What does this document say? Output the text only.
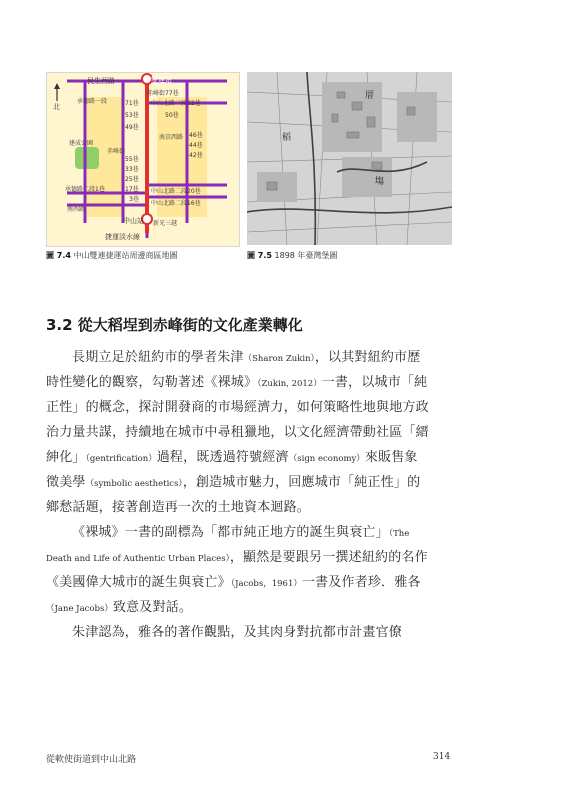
北
雙連站
民生西路
赤峰街77巷
中山北路二段62巷
71巷
53巷
49巷
50巷
46巷
44巷
42巷
55巷
33巷
25巷
17巷
3巷
建成公園
承德路二段1巷
南西路
中山北路二段20巷
中山北路二段16巷
中山站 新光三越
捷運淡水線
承德路一段
赤峰街
南京西路
厝
稻
塲
圖 7.4 中山雙連捷運站周邊商區地圖	圖 7.5 1898 年臺灣堡圖
3.2 從大稻埕到赤峰街的文化產業轉化
長期立足於紐約市的學者朱津（Sharon Zukin），以其對紐約市歷
時性變化的觀察，勾勒著述《裸城》（Zukin, 2012）一書，以城市「純
正性」的概念，探討開發商的市場經濟力，如何策略性地與地方政
治力量共謀，持續地在城市中尋租獵地，以文化經濟帶動社區「縉
紳化」（gentrification）過程，既透過符號經濟（sign economy）來販售象
徵美學（symbolic aesthetics），創造城市魅力，回應城市「純正性」的
鄉愁話題，接著創造再一次的土地資本迴路。
《裸城》一書的副標為「都市純正地方的誕生與衰亡」（The
Death and Life of Authentic Urban Places），顯然是要跟另一撰述紐約的名作
《美國偉大城市的誕生與衰亡》（Jacobs，1961）一書及作者珍．雅各
（Jane Jacobs）致意及對話。
朱津認為，雅各的著作觀點，及其肉身對抗都市計畫官僚
從軟使街道到中山北路	314
